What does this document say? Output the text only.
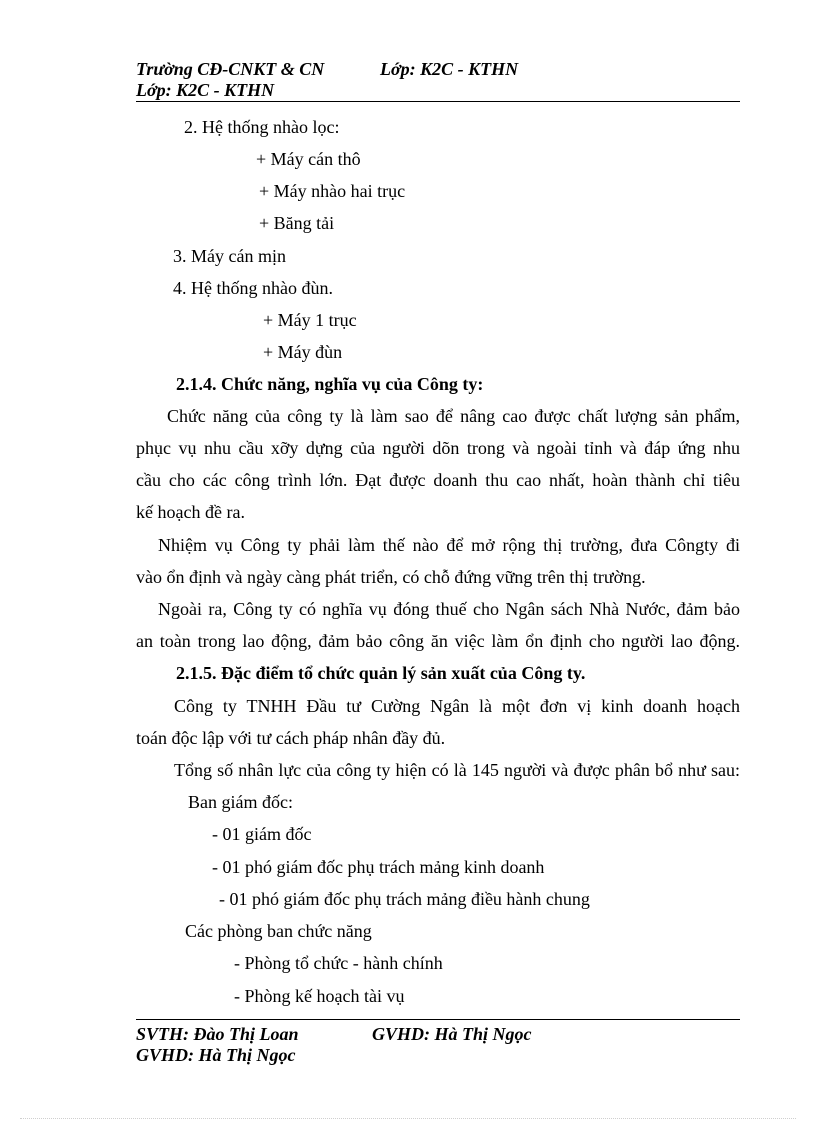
Trường CĐ-CNKT & CN	Lớp: K2C - KTHN
Lớp: K2C - KTHN
2. Hệ thống nhào lọc:
+ Máy cán thô
+ Máy nhào hai trục
+ Băng tải
3. Máy cán mịn
4. Hệ thống nhào đùn.
+ Máy 1 trục
+ Máy đùn
2.1.4. Chức năng, nghĩa vụ của Công ty:
Chức năng của công ty là làm sao để nâng cao được chất lượng sản phẩm,
phục vụ nhu cầu xỡy dựng của người dõn trong và ngoài tỉnh và đáp ứng nhu
cầu cho các công trình lớn. Đạt được doanh thu cao nhất, hoàn thành chỉ tiêu
kế hoạch đề ra.
Nhiệm vụ Công ty phải làm thế nào để mở rộng thị trường, đưa Côngty đi
vào ổn định và ngày càng phát triển, có chỗ đứng vững trên thị trường.
Ngoài ra, Công ty có nghĩa vụ đóng thuế cho Ngân sách Nhà Nước, đảm bảo
an toàn trong lao động, đảm bảo công ăn việc làm ổn định cho người lao động.
2.1.5. Đặc điểm tổ chức quản lý sản xuất của Công ty.
Công ty TNHH Đầu tư Cường Ngân là một đơn vị kinh doanh hoạch
toán độc lập với tư cách pháp nhân đầy đủ.
Tổng số nhân lực của công ty hiện có là 145 người và được phân bổ như sau:
Ban giám đốc:
- 01 giám đốc
- 01 phó giám đốc phụ trách mảng kinh doanh
- 01 phó giám đốc phụ trách mảng điều hành chung
Các phòng ban chức năng
- Phòng tổ chức - hành chính
- Phòng kế hoạch tài vụ
SVTH: Đào Thị Loan	GVHD: Hà Thị Ngọc
GVHD: Hà Thị Ngọc
